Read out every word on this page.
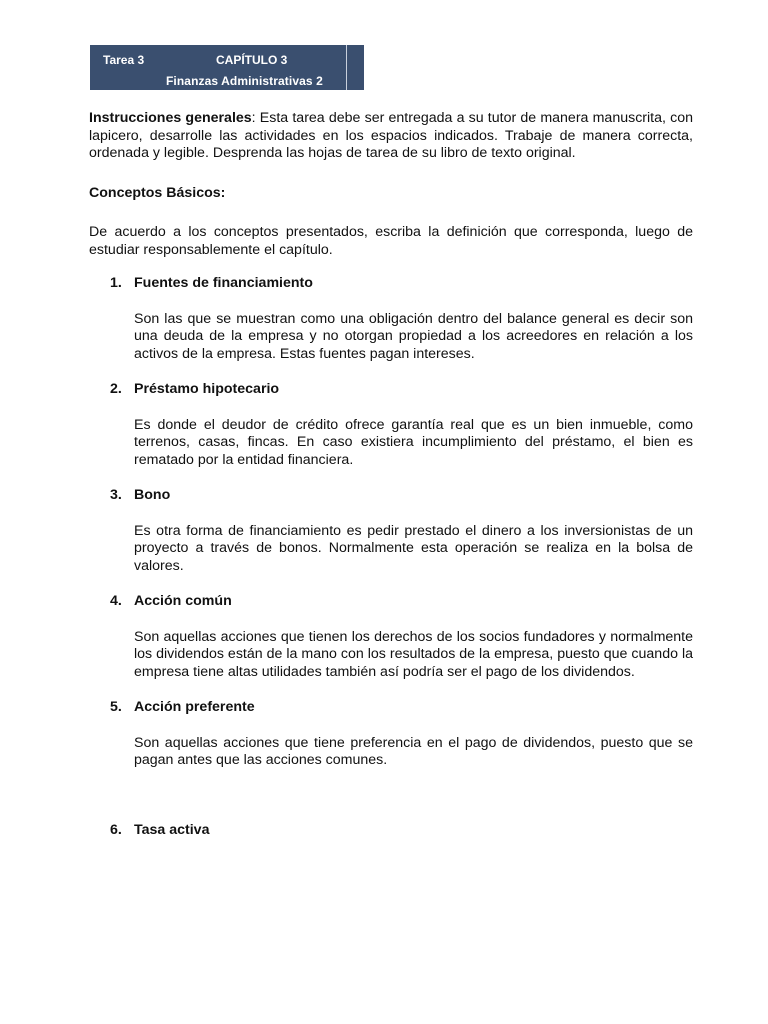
Tarea 3	CAPÍTULO 3
Finanzas Administrativas 2

Instrucciones generales: Esta tarea debe ser entregada a su tutor de manera manuscrita, con lapicero, desarrolle las actividades en los espacios indicados. Trabaje de manera correcta, ordenada y legible. Desprenda las hojas de tarea de su libro de texto original.

Conceptos Básicos:

De acuerdo a los conceptos presentados, escriba la definición que corresponda, luego de estudiar responsablemente el capítulo.

1. Fuentes de financiamiento
Son las que se muestran como una obligación dentro del balance general es decir son una deuda de la empresa y no otorgan propiedad a los acreedores en relación a los activos de la empresa. Estas fuentes pagan intereses.
2. Préstamo hipotecario
Es donde el deudor de crédito ofrece garantía real que es un bien inmueble, como terrenos, casas, fincas. En caso existiera incumplimiento del préstamo, el bien es rematado por la entidad financiera.
3. Bono
Es otra forma de financiamiento es pedir prestado el dinero a los inversionistas de un proyecto a través de bonos. Normalmente esta operación se realiza en la bolsa de valores.
4. Acción común
Son aquellas acciones que tienen los derechos de los socios fundadores y normalmente los dividendos están de la mano con los resultados de la empresa, puesto que cuando la empresa tiene altas utilidades también así podría ser el pago de los dividendos.
5. Acción preferente
Son aquellas acciones que tiene preferencia en el pago de dividendos, puesto que se pagan antes que las acciones comunes.
6. Tasa activa
